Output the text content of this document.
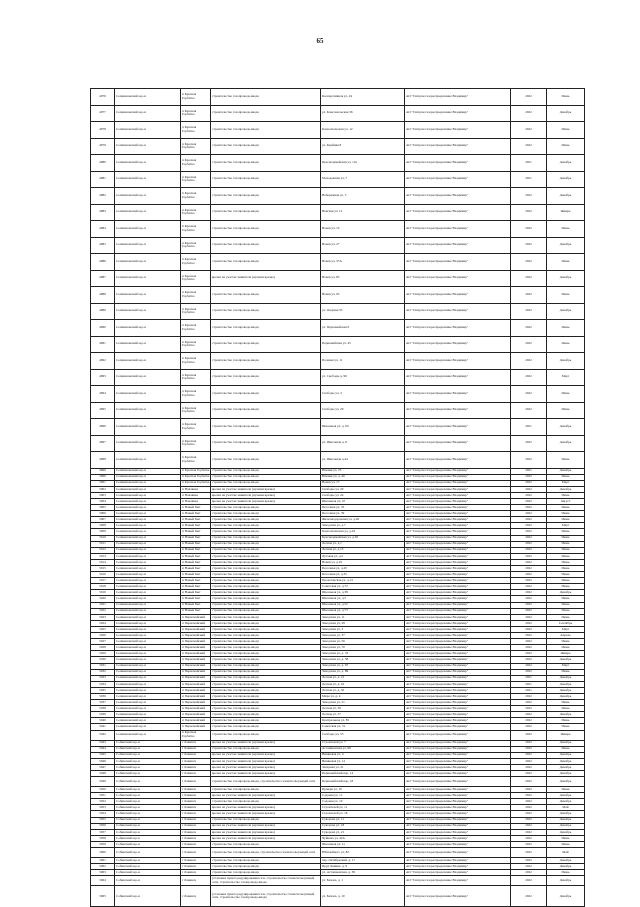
65
4976	Селивановский м.р-н	п Красная Горбатка	строительство газопровода-ввода	Кооперативная ул, 24	АО "Газпром газораспределение Владимир"	2022	Июнь
4977	Селивановский м.р-н	п Красная Горбатка	строительство газопровода-ввода	ул. Комсомольская 36	АО "Газпром газораспределение Владимир"	2022	Декабрь
4978	Селивановский м.р-н	п Красная Горбатка	строительство газопровода-ввода	Комсомольская ул, 12	АО "Газпром газораспределение Владимир"	2022	Июнь
4979	Селивановский м.р-н	п Красная Горбатка	строительство газопровода-ввода	ул. Крайняя 8	АО "Газпром газораспределение Владимир"	2022	Июнь
4980	Селивановский м.р-н	п Красная Горбатка	строительство газопровода-ввода	Красноармейская ул, 12а	АО "Газпром газораспределение Владимир"	2021	Декабрь
4981	Селивановский м.р-н	п Красная Горбатка	строительство газопровода-ввода	Молодежная ул, 7	АО "Газпром газораспределение Владимир"	2021	Декабрь
4982	Селивановский м.р-н	п Красная Горбатка	строительство газопровода-ввода	Набережная ул, 5	АО "Газпром газораспределение Владимир"	2022	Декабрь
4983	Селивановский м.р-н	п Красная Горбатка	строительство газопровода-ввода	Невская ул, 12	АО "Газпром газораспределение Владимир"	2022	Январь
4984	Селивановский м.р-н	п Красная Горбатка	строительство газопровода-ввода	Новая ул, 10	АО "Газпром газораспределение Владимир"	2022	Июнь
4985	Селивановский м.р-н	п Красная Горбатка	строительство газопровода-ввода	Новая ул, 27	АО "Газпром газораспределение Владимир"	2022	Декабрь
4986	Селивановский м.р-н	п Красная Горбатка	строительство газопровода-ввода	Новая ул, 37А	АО "Газпром газораспределение Владимир"	2022	Июнь
4987	Селивановский м.р-н	п Красная Горбатка	врезка на участке заявителя (нулевая врезка)	Новая ул, 83	АО "Газпром газораспределение Владимир"	2022	Декабрь
4988	Селивановский м.р-н	п Красная Горбатка	строительство газопровода-ввода	Новая ул, 93	АО "Газпром газораспределение Владимир"	2022	Июнь
4989	Селивановский м.р-н	п Красная Горбатка	строительство газопровода-ввода	ул. Озерная 35	АО "Газпром газораспределение Владимир"	2022	Декабрь
4990	Селивановский м.р-н	п Красная Горбатка	строительство газопровода-ввода	ул. Первомайская 6	АО "Газпром газораспределение Владимир"	2022	Июнь
4991	Селивановский м.р-н	п Красная Горбатка	строительство газопровода-ввода	Первомайская ул, 45	АО "Газпром газораспределение Владимир"	2022	Июнь
4992	Селивановский м.р-н	п Красная Горбатка	строительство газопровода-ввода	Полевая ул, 11	АО "Газпром газораспределение Владимир"	2022	Декабрь
4993	Селивановский м.р-н	п Красная Горбатка	строительство газопровода-ввода	ул. Свободы д. 99	АО "Газпром газораспределение Владимир"	2022	Март
4994	Селивановский м.р-н	п Красная Горбатка	строительство газопровода-ввода	Свободы ул, 3	АО "Газпром газораспределение Владимир"	2022	Июнь
4995	Селивановский м.р-н	п Красная Горбатка	строительство газопровода-ввода	Свободы ул, 29	АО "Газпром газораспределение Владимир"	2022	Июнь
4996	Селивановский м.р-н	п Красная Горбатка	строительство газопровода-ввода	Школьная ул, д. 64	АО "Газпром газораспределение Владимир"	2021	Декабрь
4997	Селивановский м.р-н	п Красная Горбатка	строительство газопровода-ввода	ул. Школьная д.11	АО "Газпром газораспределение Владимир"	2022	Декабрь
4998	Селивановский м.р-н	п Красная Горбатка	строительство газопровода-ввода	ул. Школьная д.44	АО "Газпром газораспределение Владимир"	2022	Июнь
4999	Селивановский м.р-н	п Красная Горбатка	строительство газопровода-ввода	Южная ул, 25	АО "Газпром газораспределение Владимир"	2021	Декабрь
5000	Селивановский м.р-н	п Красная Горбатка	строительство газопровода-ввода	Южная ул, д. 40	АО "Газпром газораспределение Владимир"	2022	Июнь
5001	Селивановский м.р-н	п Красная Горбатка	строительство газопровода-ввода	Новая ул, 17	АО "Газпром газораспределение Владимир"	2022	Март
5002	Селивановский м.р-н	п Новлянка	врезка на участке заявителя (нулевая врезка)	Свободы ул, 20	АО "Газпром газораспределение Владимир"	2022	Декабрь
5003	Селивановский м.р-н	п Новлянка	врезка на участке заявителя (нулевая врезка)	Свободы ул, 24	АО "Газпром газораспределение Владимир"	2022	Июнь
5004	Селивановский м.р-н	п Новлянка	врезка на участке заявителя (нулевая врезка)	Школьная ул, 47	АО "Газпром газораспределение Владимир"	2022	Август
5005	Селивановский м.р-н	п Новый Быт	строительство газопровода-ввода	Песочная ул, 35	АО "Газпром газораспределение Владимир"	2022	Июнь
5006	Селивановский м.р-н	п Новый Быт	строительство газопровода-ввода	Песочная ул, 39	АО "Газпром газораспределение Владимир"	2022	Июнь
5007	Селивановский м.р-н	п Новый Быт	строительство газопровода-ввода	Железнодорожная ул, д.26	АО "Газпром газораспределение Владимир"	2022	Июнь
5008	Селивановский м.р-н	п Новый Быт	строительство газопровода-ввода	Заводская ул, д.7	АО "Газпром газораспределение Владимир"	2022	Март
5009	Селивановский м.р-н	п Новый Быт	строительство газопровода-ввода	Комсомольская ул, д.24	АО "Газпром газораспределение Владимир"	2022	Июнь
5010	Селивановский м.р-н	п Новый Быт	строительство газопровода-ввода	Красноармейская ул, д.36	АО "Газпром газораспределение Владимир"	2022	Июнь
5011	Селивановский м.р-н	п Новый Быт	строительство газопровода-ввода	Лесная ул, д.1	АО "Газпром газораспределение Владимир"	2022	Июнь
5012	Селивановский м.р-н	п Новый Быт	строительство газопровода-ввода	Лесная ул, д.15	АО "Газпром газораспределение Владимир"	2022	Июнь
5013	Селивановский м.р-н	п Новый Быт	строительство газопровода-ввода	Луговая ул, д.2	АО "Газпром газораспределение Владимир"	2022	Июнь
5014	Селивановский м.р-н	п Новый Быт	строительство газопровода-ввода	Новая ул, д.19	АО "Газпром газораспределение Владимир"	2022	Июнь
5015	Селивановский м.р-н	п Новый Быт	строительство газопровода-ввода	Песочная ул, д.20	АО "Газпром газораспределение Владимир"	2022	Июнь
5016	Селивановский м.р-н	п Новый Быт	строительство газопровода-ввода	Песочная ул, д.35	АО "Газпром газораспределение Владимир"	2022	Июнь
5017	Селивановский м.р-н	п Новый Быт	строительство газопровода-ввода	Пролетарская ул, д.13	АО "Газпром газораспределение Владимир"	2022	Июнь
5018	Селивановский м.р-н	п Новый Быт	строительство газопровода-ввода	Советская ул, д.72	АО "Газпром газораспределение Владимир"	2022	Июнь
5019	Селивановский м.р-н	п Новый Быт	строительство газопровода-ввода	Школьная ул, д.38	АО "Газпром газораспределение Владимир"	2022	Декабрь
5020	Селивановский м.р-н	п Новый Быт	строительство газопровода-ввода	Школьная ул, д.5	АО "Газпром газораспределение Владимир"	2022	Июнь
5021	Селивановский м.р-н	п Новый Быт	строительство газопровода-ввода	Школьная ул, д.52	АО "Газпром газораспределение Владимир"	2022	Июнь
5022	Селивановский м.р-н	п Новый Быт	строительство газопровода-ввода	Школьная ул, д.73	АО "Газпром газораспределение Владимир"	2022	Июнь
5023	Селивановский м.р-н	п Первомайский	строительство газопровода-ввода	Заводская ул, 11	АО "Газпром газораспределение Владимир"	2022	Июнь
5024	Селивановский м.р-н	п Первомайский	строительство газопровода-ввода	Заводская ул, 28	АО "Газпром газораспределение Владимир"	2022	Сентябрь
5025	Селивановский м.р-н	п Первомайский	строительство газопровода-ввода	Заводская ул, 3	АО "Газпром газораспределение Владимир"	2022	Март
5026	Селивановский м.р-н	п Первомайский	строительство газопровода-ввода	Заводская ул, 37	АО "Газпром газораспределение Владимир"	2022	Апрель
5027	Селивановский м.р-н	п Первомайский	строительство газопровода-ввода	Заводская ул, 56	АО "Газпром газораспределение Владимир"	2022	Июнь
5028	Селивановский м.р-н	п Первомайский	строительство газопровода-ввода	Заводская ул, 70	АО "Газпром газораспределение Владимир"	2022	Июнь
5029	Селивановский м.р-н	п Первомайский	строительство газопровода-ввода	Заводская ул, д. 33	АО "Газпром газораспределение Владимир"	2022	Январь
5030	Селивановский м.р-н	п Первомайский	строительство газопровода-ввода	Заводская ул, д. 58	АО "Газпром газораспределение Владимир"	2022	Декабрь
5031	Селивановский м.р-н	п Первомайский	строительство газопровода-ввода	Заводская ул, д. 67	АО "Газпром газораспределение Владимир"	2022	Март
5032	Селивановский м.р-н	п Первомайский	строительство газопровода-ввода	Заводская ул, д. 89	АО "Газпром газораспределение Владимир"	2022	Июнь
5033	Селивановский м.р-н	п Первомайский	строительство газопровода-ввода	Лесная ул, д. 21	АО "Газпром газораспределение Владимир"	2021	Декабрь
5034	Селивановский м.р-н	п Первомайский	строительство газопровода-ввода	Лесная ул, д. 16	АО "Газпром газораспределение Владимир"	2021	Декабрь
5035	Селивановский м.р-н	п Первомайский	строительство газопровода-ввода	Лесная ул, д. 32	АО "Газпром газораспределение Владимир"	2021	Декабрь
5036	Селивановский м.р-н	п Первомайский	строительство газопровода-ввода	Мира ул, д. 4	АО "Газпром газораспределение Владимир"	2022	Декабрь
5037	Селивановский м.р-н	п Первомайский	строительство газопровода-ввода	Заводская ул, 21	АО "Газпром газораспределение Владимир"	2022	Июнь
5038	Селивановский м.р-н	п Первомайский	строительство газопровода-ввода	Лесная ул, 36	АО "Газпром газораспределение Владимир"	2022	Июнь
5039	Селивановский м.р-н	п Первомайский	строительство газопровода-ввода	Лесная ул, 57	АО "Газпром газораспределение Владимир"	2022	Декабрь
5040	Селивановский м.р-н	п Первомайский	строительство газопровода-ввода	Центральная ул, 85	АО "Газпром газораспределение Владимир"	2022	Июнь
5041	Селивановский м.р-н	п Первомайский	строительство газопровода-ввода	Советская ул, 51	АО "Газпром газораспределение Владимир"	2022	Июнь
5042	Селивановский м.р-н	п Красная Горбатка	строительство газопровода-ввода	Свободы ул, 55	АО "Газпром газораспределение Владимир"	2022	Январь
5043	Собинский м.р-н	г Лакинск	врезка на участке заявителя (нулевая врезка)	Строителей ул, 7	АО "Газпром газораспределение Владимир"	2022	Декабрь
5044	Собинский м.р-н	г Лакинск	строительство газопровода-ввода	Асташковская ул, 96	АО "Газпром газораспределение Владимир"	2022	Июнь
5045	Собинский м.р-н	г Лакинск	врезка на участке заявителя (нулевая врезка)	Вишневая ул, 4	АО "Газпром газораспределение Владимир"	2022	Декабрь
5046	Собинский м.р-н	г Лакинск	врезка на участке заявителя (нулевая врезка)	Вишневая ул, 12	АО "Газпром газораспределение Владимир"	2022	Декабрь
5047	Собинский м.р-н	г Лакинск	врезка на участке заявителя (нулевая врезка)	Западная ул, 21	АО "Газпром газораспределение Владимир"	2022	Декабрь
5048	Собинский м.р-н	г Лакинск	врезка на участке заявителя (нулевая врезка)	Первомайский пер, 14	АО "Газпром газораспределение Владимир"	2022	Декабрь
5049	Собинский м.р-н	г Лакинск	строительство газопровода-ввода, строительство газоиспользующей сети	Первомайский пер, 18	АО "Газпром газораспределение Владимир"	2022	Декабрь
5050	Собинский м.р-н	г Лакинск	строительство газопровода-ввода	Правды ул, 10	АО "Газпром газораспределение Владимир"	2022	Июнь
5051	Собинский м.р-н	г Лакинск	врезка на участке заявителя (нулевая врезка)	Садовая ул, 11	АО "Газпром газораспределение Владимир"	2022	Декабрь
5052	Собинский м.р-н	г Лакинск	строительство газопровода-ввода	Садовая ул, 10	АО "Газпром газораспределение Владимир"	2022	Декабрь
5053	Собинский м.р-н	г Лакинск	врезка на участке заявителя (нулевая врезка)	Строителей ул, 11	АО "Газпром газораспределение Владимир"	2022	Май
5054	Собинский м.р-н	г Лакинск	врезка на участке заявителя (нулевая врезка)	Строителей ул, 18	АО "Газпром газораспределение Владимир"	2022	Декабрь
5055	Собинский м.р-н	г Лакинск	строительство газопровода-ввода	Суворова ул, 11	АО "Газпром газораспределение Владимир"	2022	Декабрь
5056	Собинский м.р-н	г Лакинск	врезка на участке заявителя (нулевая врезка)	Суворова ул, 18	АО "Газпром газораспределение Владимир"	2022	Декабрь
5057	Собинский м.р-н	г Лакинск	врезка на участке заявителя (нулевая врезка)	Суворова ул, 21	АО "Газпром газораспределение Владимир"	2022	Декабрь
5058	Собинский м.р-н	г Лакинск	врезка на участке заявителя (нулевая врезка)	Чуйкова ул, 42А	АО "Газпром газораспределение Владимир"	2022	Июнь
5059	Собинский м.р-н	г Лакинск	строительство газопровода-ввода	Школьная ул, 1а	АО "Газпром газораспределение Владимир"	2022	Июнь
5060	Собинский м.р-н	г Лакинск	строительство газопровода-ввода, строительство газоиспользующей сети	Юбилейного ул, 82	АО "Газпром газораспределение Владимир"	2022	Май
5061	Собинский м.р-н	г Лакинск	строительство газопровода-ввода	пер. Октябрьский, д. 17	АО "Газпром газораспределение Владимир"	2022	Декабрь
5062	Собинский м.р-н	г Лакинск	строительство газопровода-ввода	Пруд Ленина, д. 9	АО "Газпром газораспределение Владимир"	2022	Декабрь
5063	Собинский м.р-н	г Лакинск	строительство газопровода-ввода	ул. Асташковская, д. 38	АО "Газпром газораспределение Владимир"	2022	Июнь
5064	Собинский м.р-н	г Лакинск	установка пункта редуцирования газа, строительство газоиспользующей сети, строительство газопровода-ввода	ул. Бахова, д. 1	АО "Газпром газораспределение Владимир"	2022	Декабрь
5065	Собинский м.р-н	г Лакинск	установка пункта редуцирования газа, строительство газоиспользующей сети, строительство газопровода-ввода	ул. Бахова, д. 10	АО "Газпром газораспределение Владимир"	2022	Декабрь
.
